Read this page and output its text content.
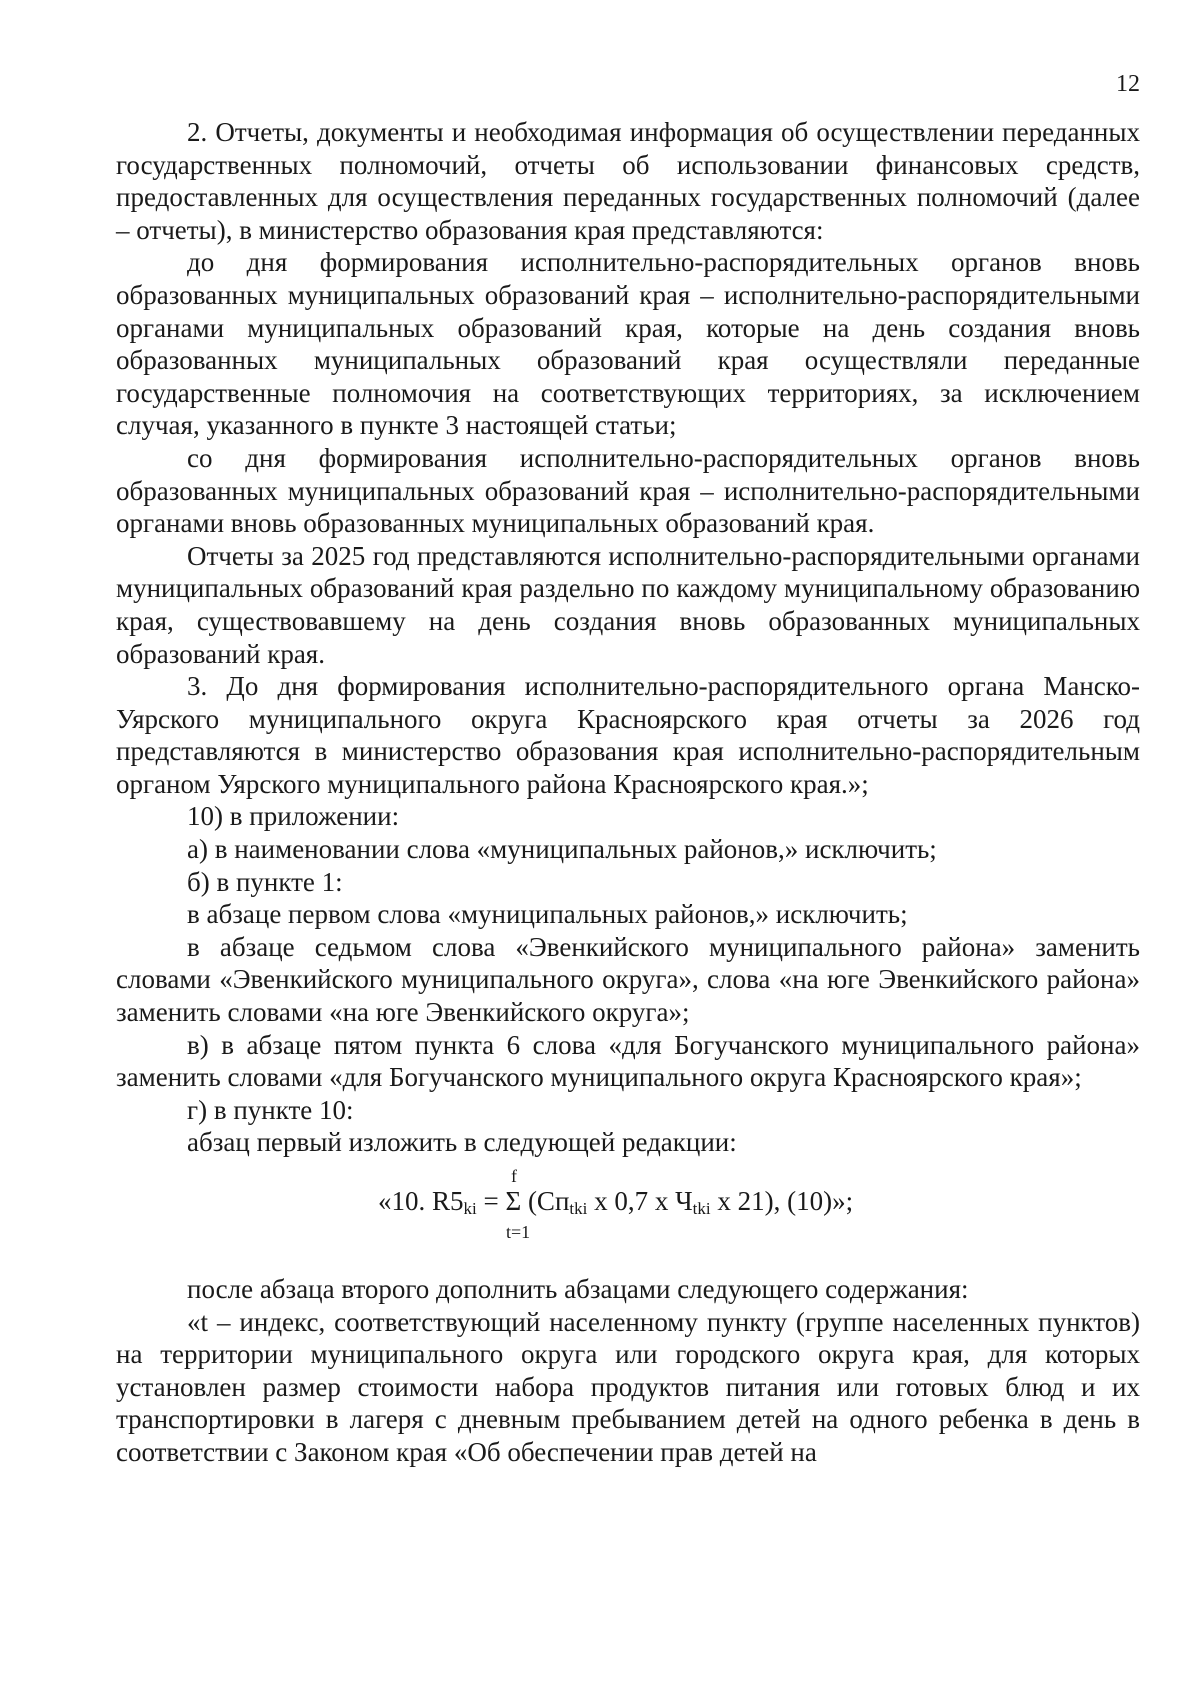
12

2. Отчеты, документы и необходимая информация об осуществлении переданных государственных полномочий, отчеты об использовании финансовых средств, предоставленных для осуществления переданных государственных полномочий (далее – отчеты), в министерство образования края представляются:

до дня формирования исполнительно-распорядительных органов вновь образованных муниципальных образований края – исполнительно-распорядительными органами муниципальных образований края, которые на день создания вновь образованных муниципальных образований края осуществляли переданные государственные полномочия на соответствующих территориях, за исключением случая, указанного в пункте 3 настоящей статьи;

со дня формирования исполнительно-распорядительных органов вновь образованных муниципальных образований края – исполнительно-распорядительными органами вновь образованных муниципальных образований края.

Отчеты за 2025 год представляются исполнительно-распорядительными органами муниципальных образований края раздельно по каждому муниципальному образованию края, существовавшему на день создания вновь образованных муниципальных образований края.

3. До дня формирования исполнительно-распорядительного органа Манско-Уярского муниципального округа Красноярского края отчеты за 2026 год представляются в министерство образования края исполнительно-распорядительным органом Уярского муниципального района Красноярского края.»;

10) в приложении:

а) в наименовании слова «муниципальных районов,» исключить;

б) в пункте 1:

в абзаце первом слова «муниципальных районов,» исключить;

в абзаце седьмом слова «Эвенкийского муниципального района» заменить словами «Эвенкийского муниципального округа», слова «на юге Эвенкийского района» заменить словами «на юге Эвенкийского округа»;

в) в абзаце пятом пункта 6 слова «для Богучанского муниципального района» заменить словами «для Богучанского муниципального округа Красноярского края»;

г) в пункте 10:

абзац первый изложить в следующей редакции:

f
«10. $R5_{ki} = \Sigma$ ($Сп_{tki}$ х 0,7 х $Ч_{tki}$ х 21), (10)»;
t=1

после абзаца второго дополнить абзацами следующего содержания:

«t – индекс, соответствующий населенному пункту (группе населенных пунктов) на территории муниципального округа или городского округа края, для которых установлен размер стоимости набора продуктов питания или готовых блюд и их транспортировки в лагеря с дневным пребыванием детей на одного ребенка в день в соответствии с Законом края «Об обеспечении прав детей на
